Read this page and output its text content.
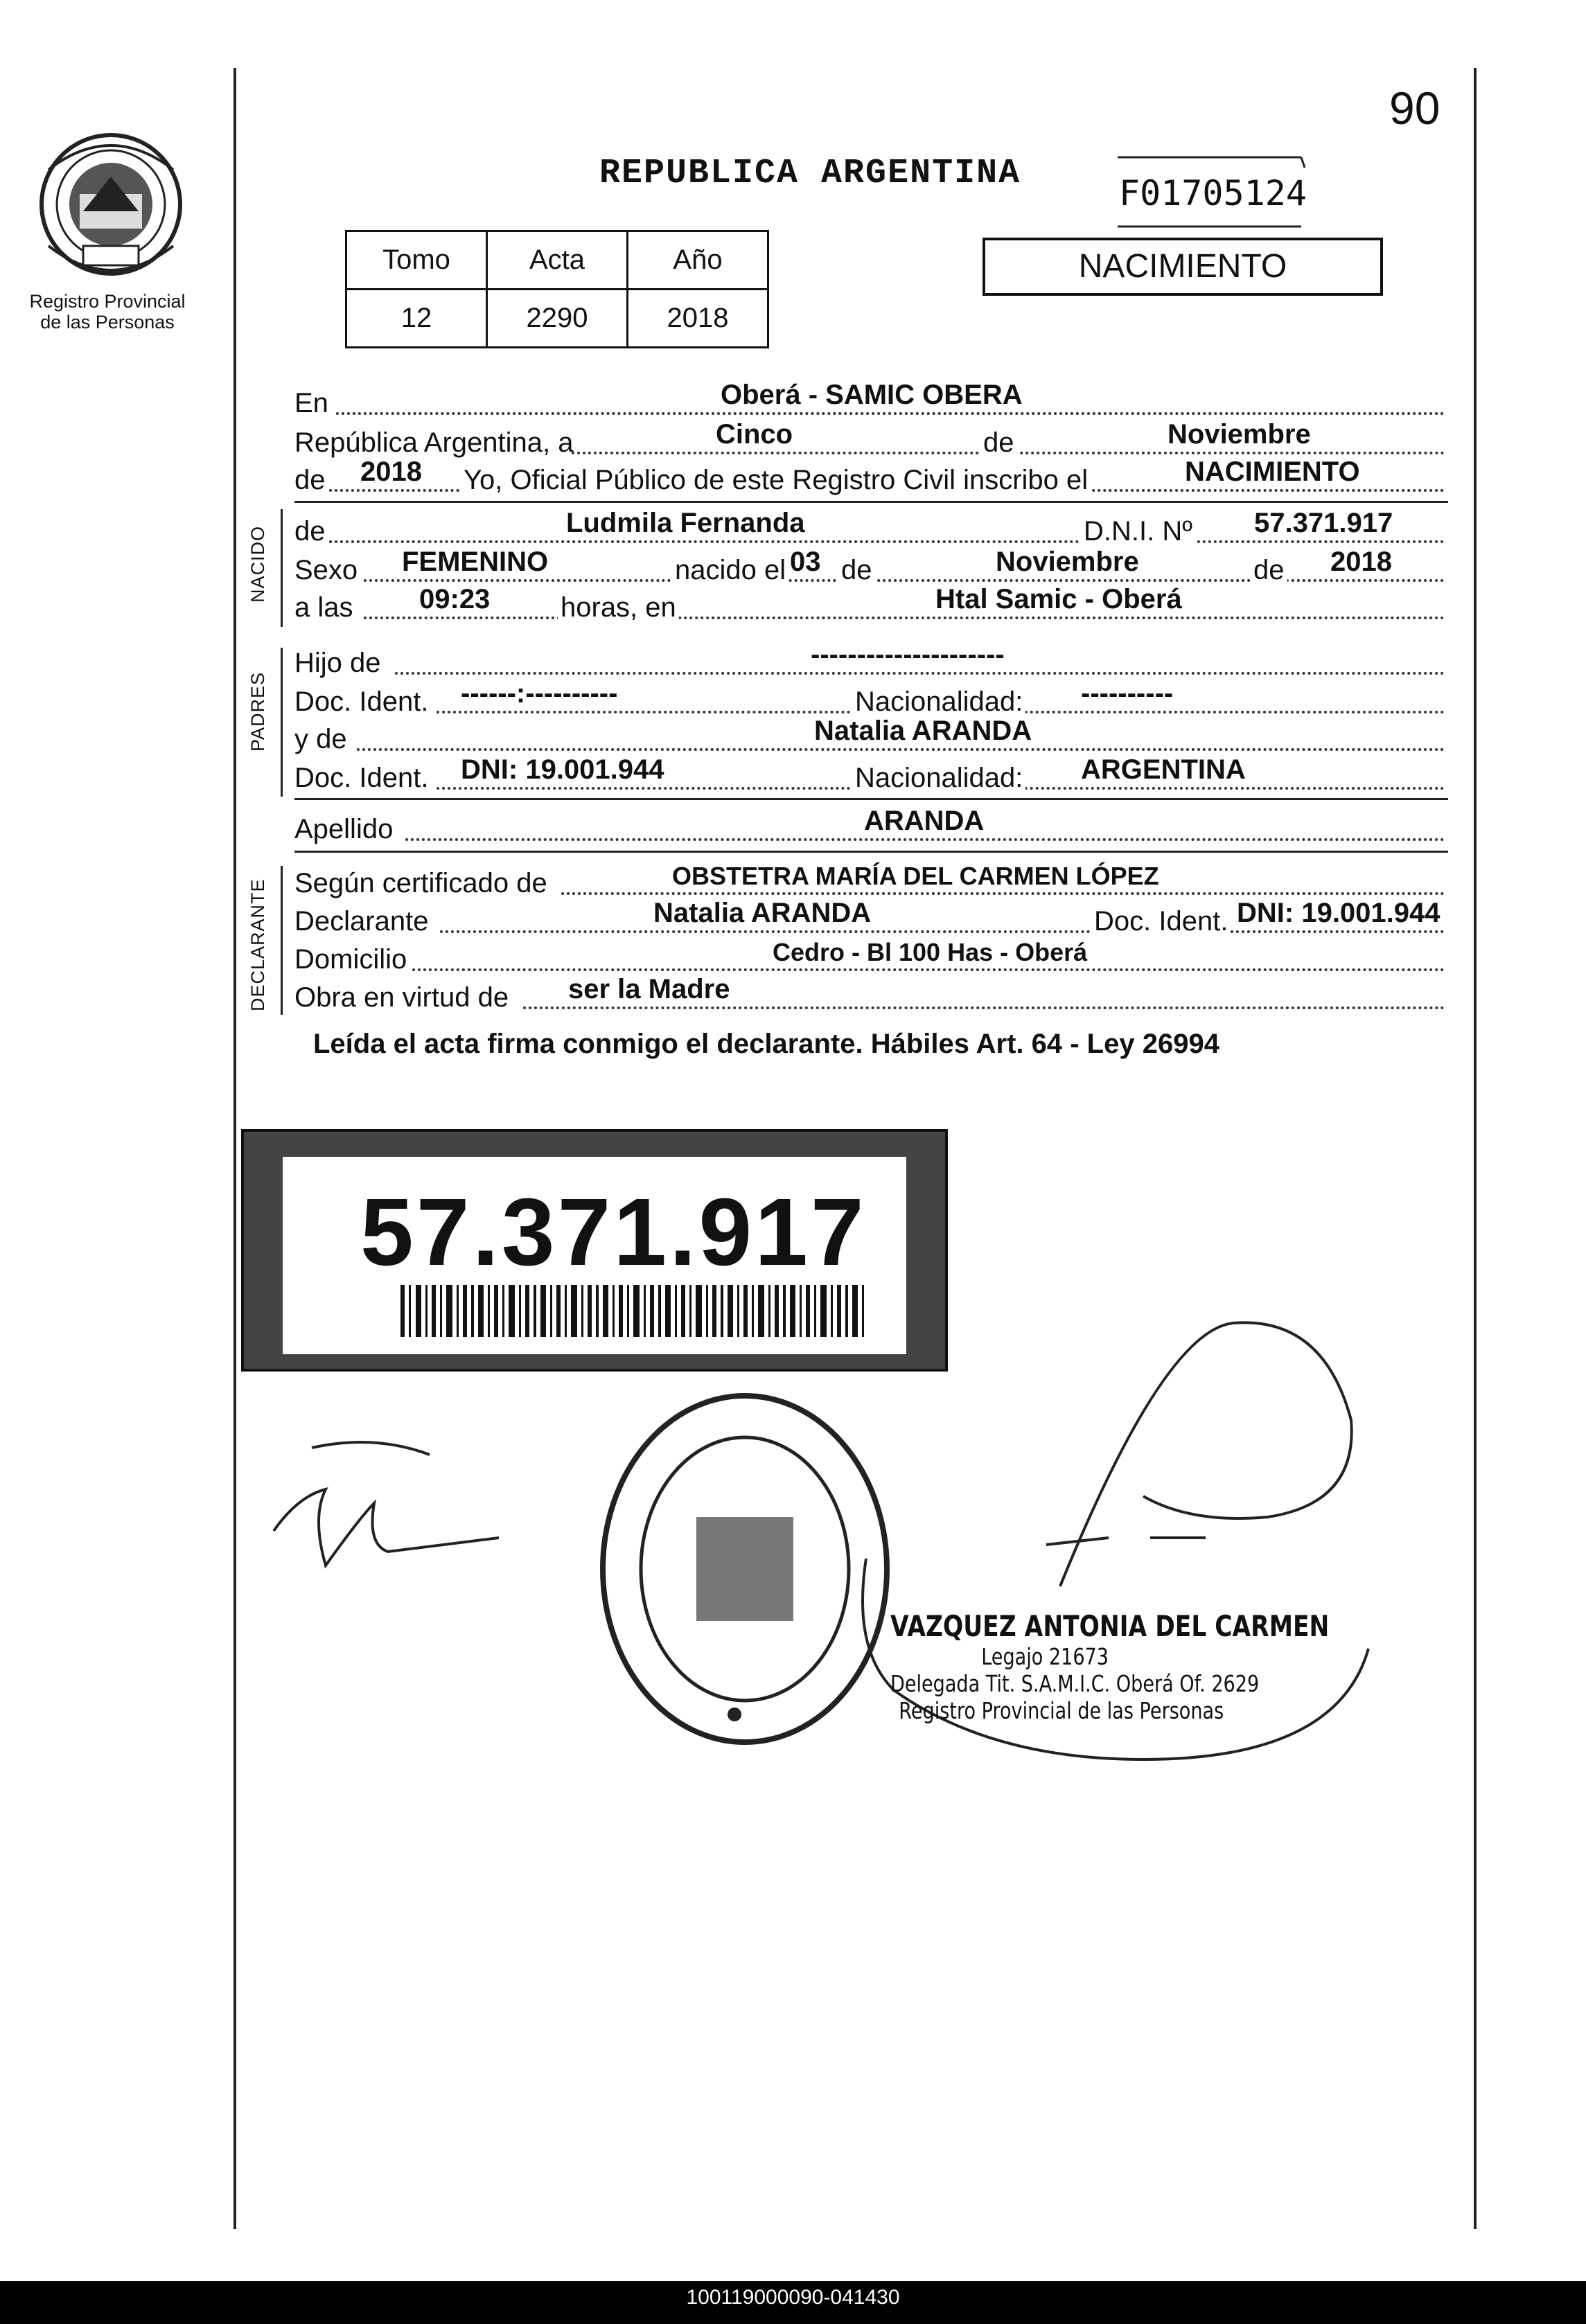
Registro Provincial
de las Personas
90
REPUBLICA ARGENTINA	F01705124
Tomo	Acta	Año
12	2290	2018
NACIMIENTO
En	Oberá - SAMIC OBERA
República Argentina, a	Cinco	de	Noviembre
de 2018 Yo, Oficial Público de este Registro Civil inscribo el	NACIMIENTO
NACIDO de	Ludmila Fernanda	D.N.I. Nº 57.371.917
Sexo FEMENINO	nacido el 03 de	Noviembre	de 2018
a las 09:23	horas, en	Htal Samic - Oberá
PADRES
Hijo de	---------------------
Doc. Ident. ------:----------	Nacionalidad: ----------
y de	Natalia ARANDA
Doc. Ident. DNI: 19.001.944	Nacionalidad: ARGENTINA
Apellido	ARANDA
DECLARANTE Según certificado de	OBSTETRA MARÍA DEL CARMEN LÓPEZ
Declarante	Natalia ARANDA	Doc. Ident. DNI: 19.001.944
Domicilio	Cedro - Bl 100 Has - Oberá
Obra en virtud de ser la Madre
Leída el acta firma conmigo el declarante. Hábiles Art. 64 - Ley 26994
57.371.917
VAZQUEZ ANTONIA DEL CARMEN
Legajo 21673
Delegada Tit. S.A.M.I.C. Oberá Of. 2629
Registro Provincial de las Personas
100119000090-041430
